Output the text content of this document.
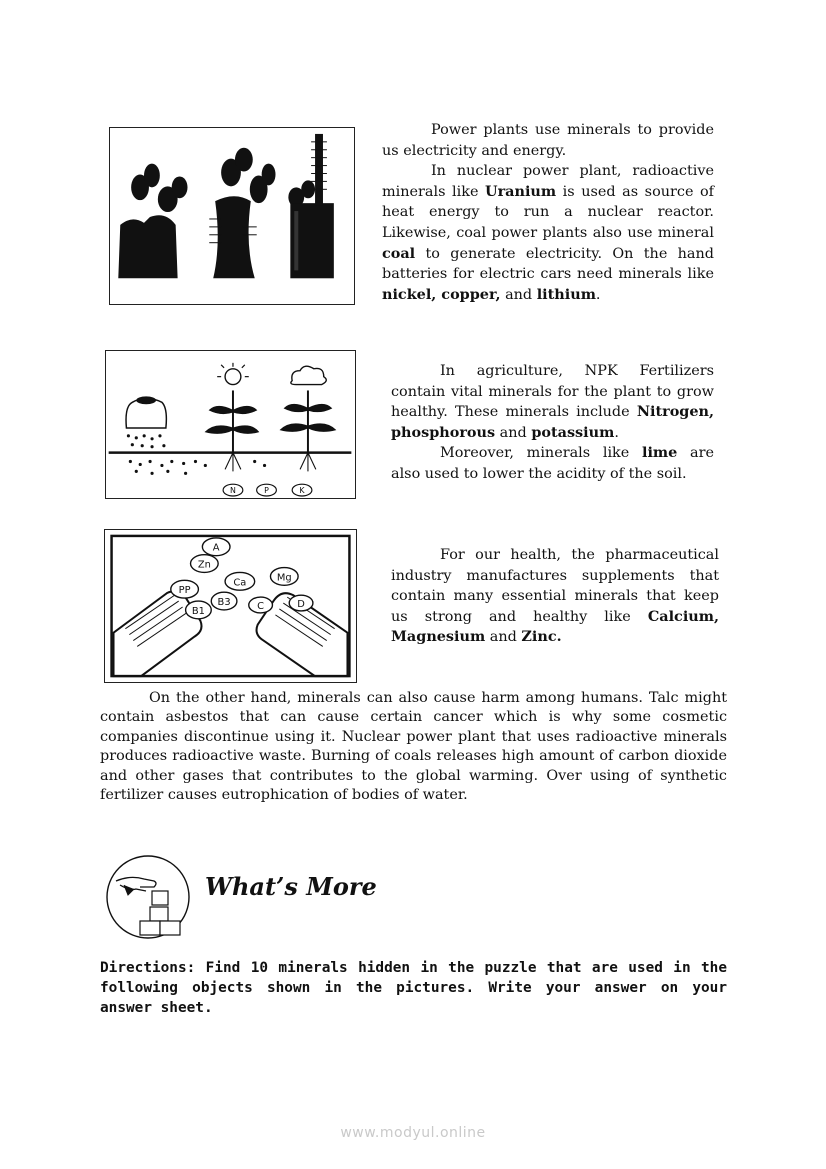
Power plants use minerals to provide us electricity and energy.

In nuclear power plant, radioactive minerals like Uranium is used as source of heat energy to run a nuclear reactor. Likewise, coal power plants also use mineral coal to generate electricity. On the hand batteries for electric cars need minerals like nickel, copper, and lithium.

N	P	K

In agriculture, NPK Fertilizers contain vital minerals for the plant to grow healthy. These minerals include Nitrogen, phosphorous and potassium.

Moreover, minerals like lime are also used to lower the acidity of the soil.

A
Zn
Ca	Mg
PP
B3
B1	C	D

For our health, the pharmaceutical industry manufactures supplements that contain many essential minerals that keep us strong and healthy like Calcium, Magnesium and Zinc.

On the other hand, minerals can also cause harm among humans. Talc might contain asbestos that can cause certain cancer which is why some cosmetic companies discontinue using it. Nuclear power plant that uses radioactive minerals produces radioactive waste. Burning of coals releases high amount of carbon dioxide and other gases that contributes to the global warming. Over using of synthetic fertilizer causes eutrophication of bodies of water.

What’s More
Directions: Find 10 minerals hidden in the puzzle that are used in the following objects shown in the pictures. Write your answer on your answer sheet.
www.modyul.online
